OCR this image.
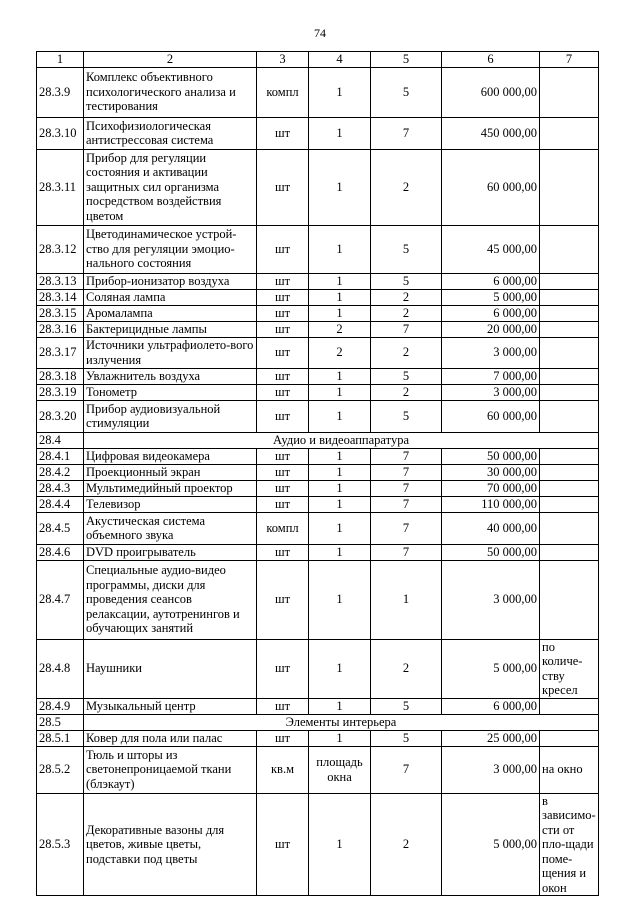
74
1	2	3	4	5	6	7
28.3.9	Комплекс объективного психологического анализа и тестирования	компл	1	5	600 000,00	
28.3.10	Психофизиологическая антистрессовая система	шт	1	7	450 000,00	
28.3.11	Прибор для регуляции состояния и активации защитных сил организма посредством воздействия цветом	шт	1	2	60 000,00	
28.3.12	Цветодинамическое устрой-ство для регуляции эмоцио-нального состояния	шт	1	5	45 000,00	
28.3.13	Прибор-ионизатор воздуха	шт	1	5	6 000,00	
28.3.14	Соляная лампа	шт	1	2	5 000,00	
28.3.15	Аромалампа	шт	1	2	6 000,00	
28.3.16	Бактерицидные лампы	шт	2	7	20 000,00	
28.3.17	Источники ультрафиолето-вого излучения	шт	2	2	3 000,00	
28.3.18	Увлажнитель воздуха	шт	1	5	7 000,00	
28.3.19	Тонометр	шт	1	2	3 000,00	
28.3.20	Прибор аудиовизуальной стимуляции	шт	1	5	60 000,00	
28.4	Аудио и видеоаппаратура					
28.4.1	Цифровая видеокамера	шт	1	7	50 000,00	
28.4.2	Проекционный экран	шт	1	7	30 000,00	
28.4.3	Мультимедийный проектор	шт	1	7	70 000,00	
28.4.4	Телевизор	шт	1	7	110 000,00	
28.4.5	Акустическая система объемного звука	компл	1	7	40 000,00	
28.4.6	DVD проигрыватель	шт	1	7	50 000,00	
28.4.7	Специальные аудио-видео программы, диски для проведения сеансов релаксации, аутотренингов и обучающих занятий	шт	1	1	3 000,00	
28.4.8	Наушники	шт	1	2	5 000,00	по количе-ству кресел
28.4.9	Музыкальный центр	шт	1	5	6 000,00	
28.5	Элементы интерьера					
28.5.1	Ковер для пола или палас	шт	1	5	25 000,00	
28.5.2	Тюль и шторы из светонепроницаемой ткани (блэкаут)	кв.м	площадь окна	7	3 000,00	на окно
28.5.3	Декоративные вазоны для цветов, живые цветы, подставки под цветы	шт	1	2	5 000,00	в зависимо-сти от пло-щади поме-щения и окон
